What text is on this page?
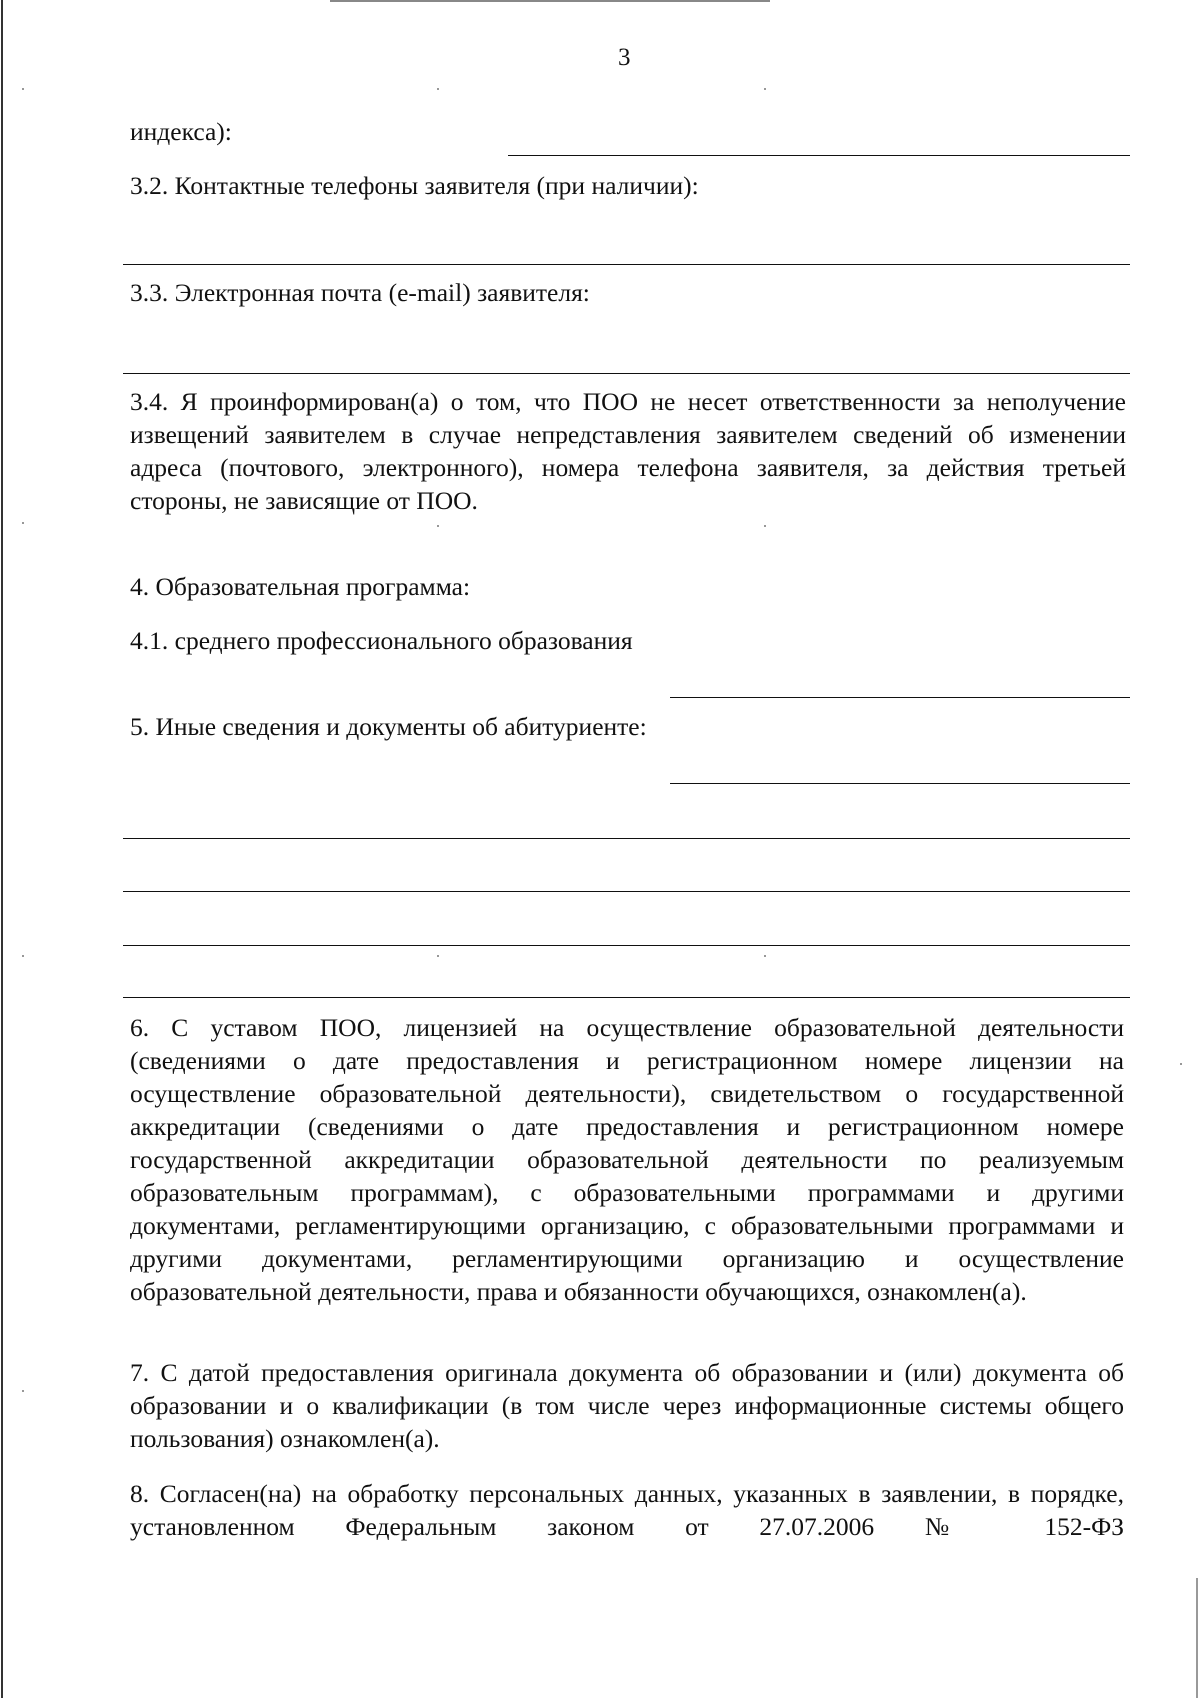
3

индекса):

3.2. Контактные телефоны заявителя (при наличии):

3.3. Электронная почта (e-mail) заявителя:

3.4. Я проинформирован(а) о том, что ПОО не несет ответственности за неполучение извещений заявителем в случае непредставления заявителем сведений об изменении адреса (почтового, электронного), номера телефона заявителя, за действия третьей стороны, не зависящие от ПОО.

4. Образовательная программа:

4.1. среднего профессионального образования

5. Иные сведения и документы об абитуриенте:

6. С уставом ПОО, лицензией на осуществление образовательной деятельности (сведениями о дате предоставления и регистрационном номере лицензии на осуществление образовательной деятельности), свидетельством о государственной аккредитации (сведениями о дате предоставления и регистрационном номере государственной аккредитации образовательной деятельности по реализуемым образовательным программам), с образовательными программами и другими документами, регламентирующими организацию, с образовательными программами и другими документами, регламентирующими организацию и осуществление образовательной деятельности, права и обязанности обучающихся, ознакомлен(а).

7. С датой предоставления оригинала документа об образовании и (или) документа об образовании и о квалификации (в том числе через информационные системы общего пользования) ознакомлен(а).

8. Согласен(на) на обработку персональных данных, указанных в заявлении, в порядке, установленном Федеральным законом от 27.07.2006 № 152-ФЗ
